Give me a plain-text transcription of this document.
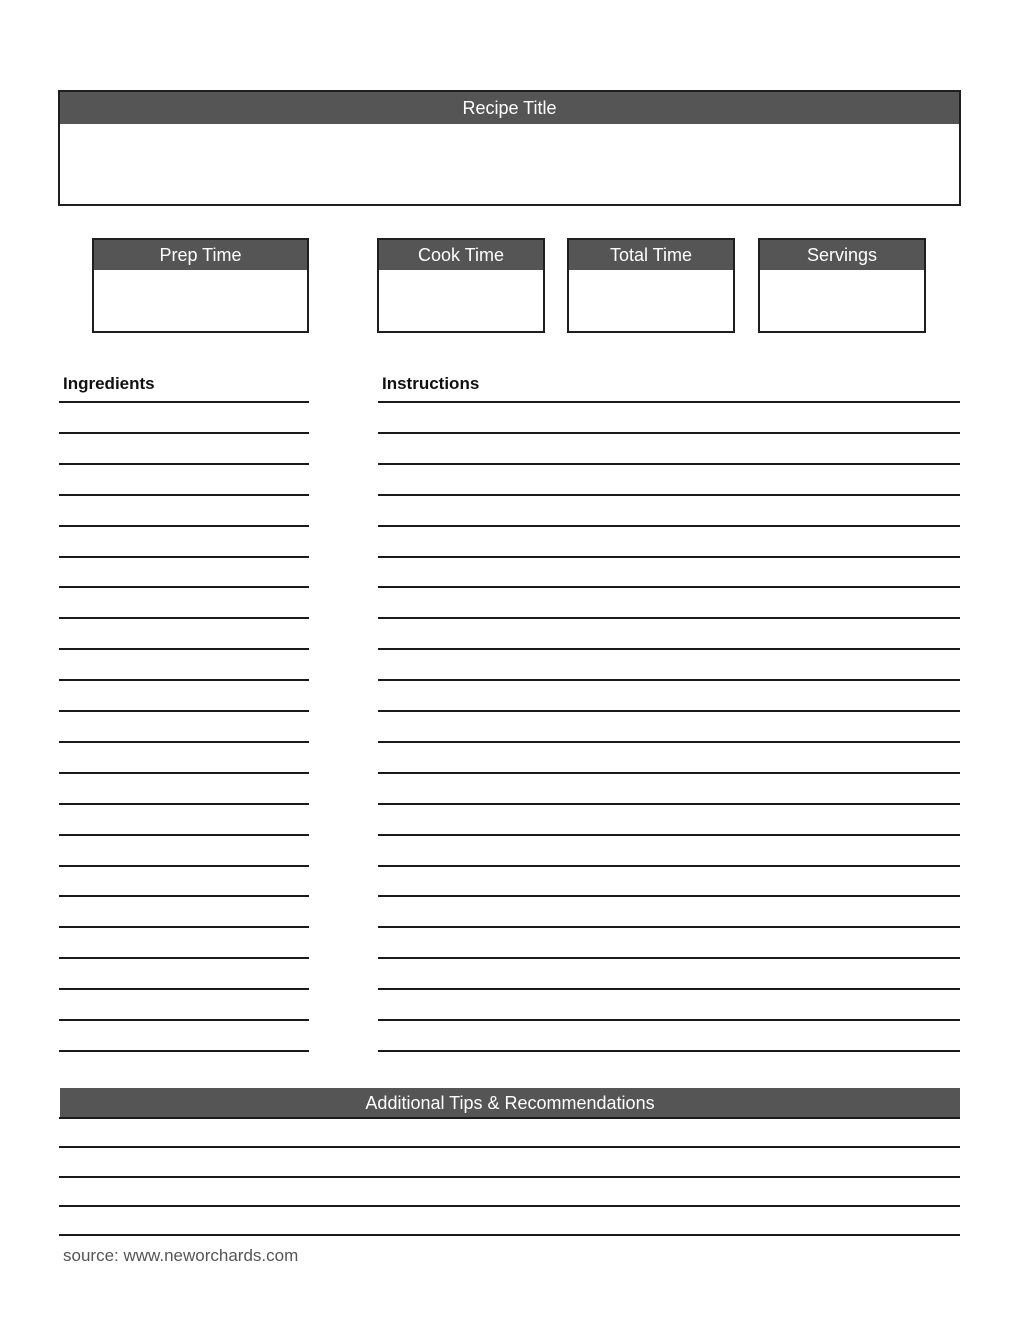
Recipe Title
Prep Time	Cook Time	Total Time	Servings
Ingredients	Instructions
Additional Tips & Recommendations
source: www.neworchards.com
